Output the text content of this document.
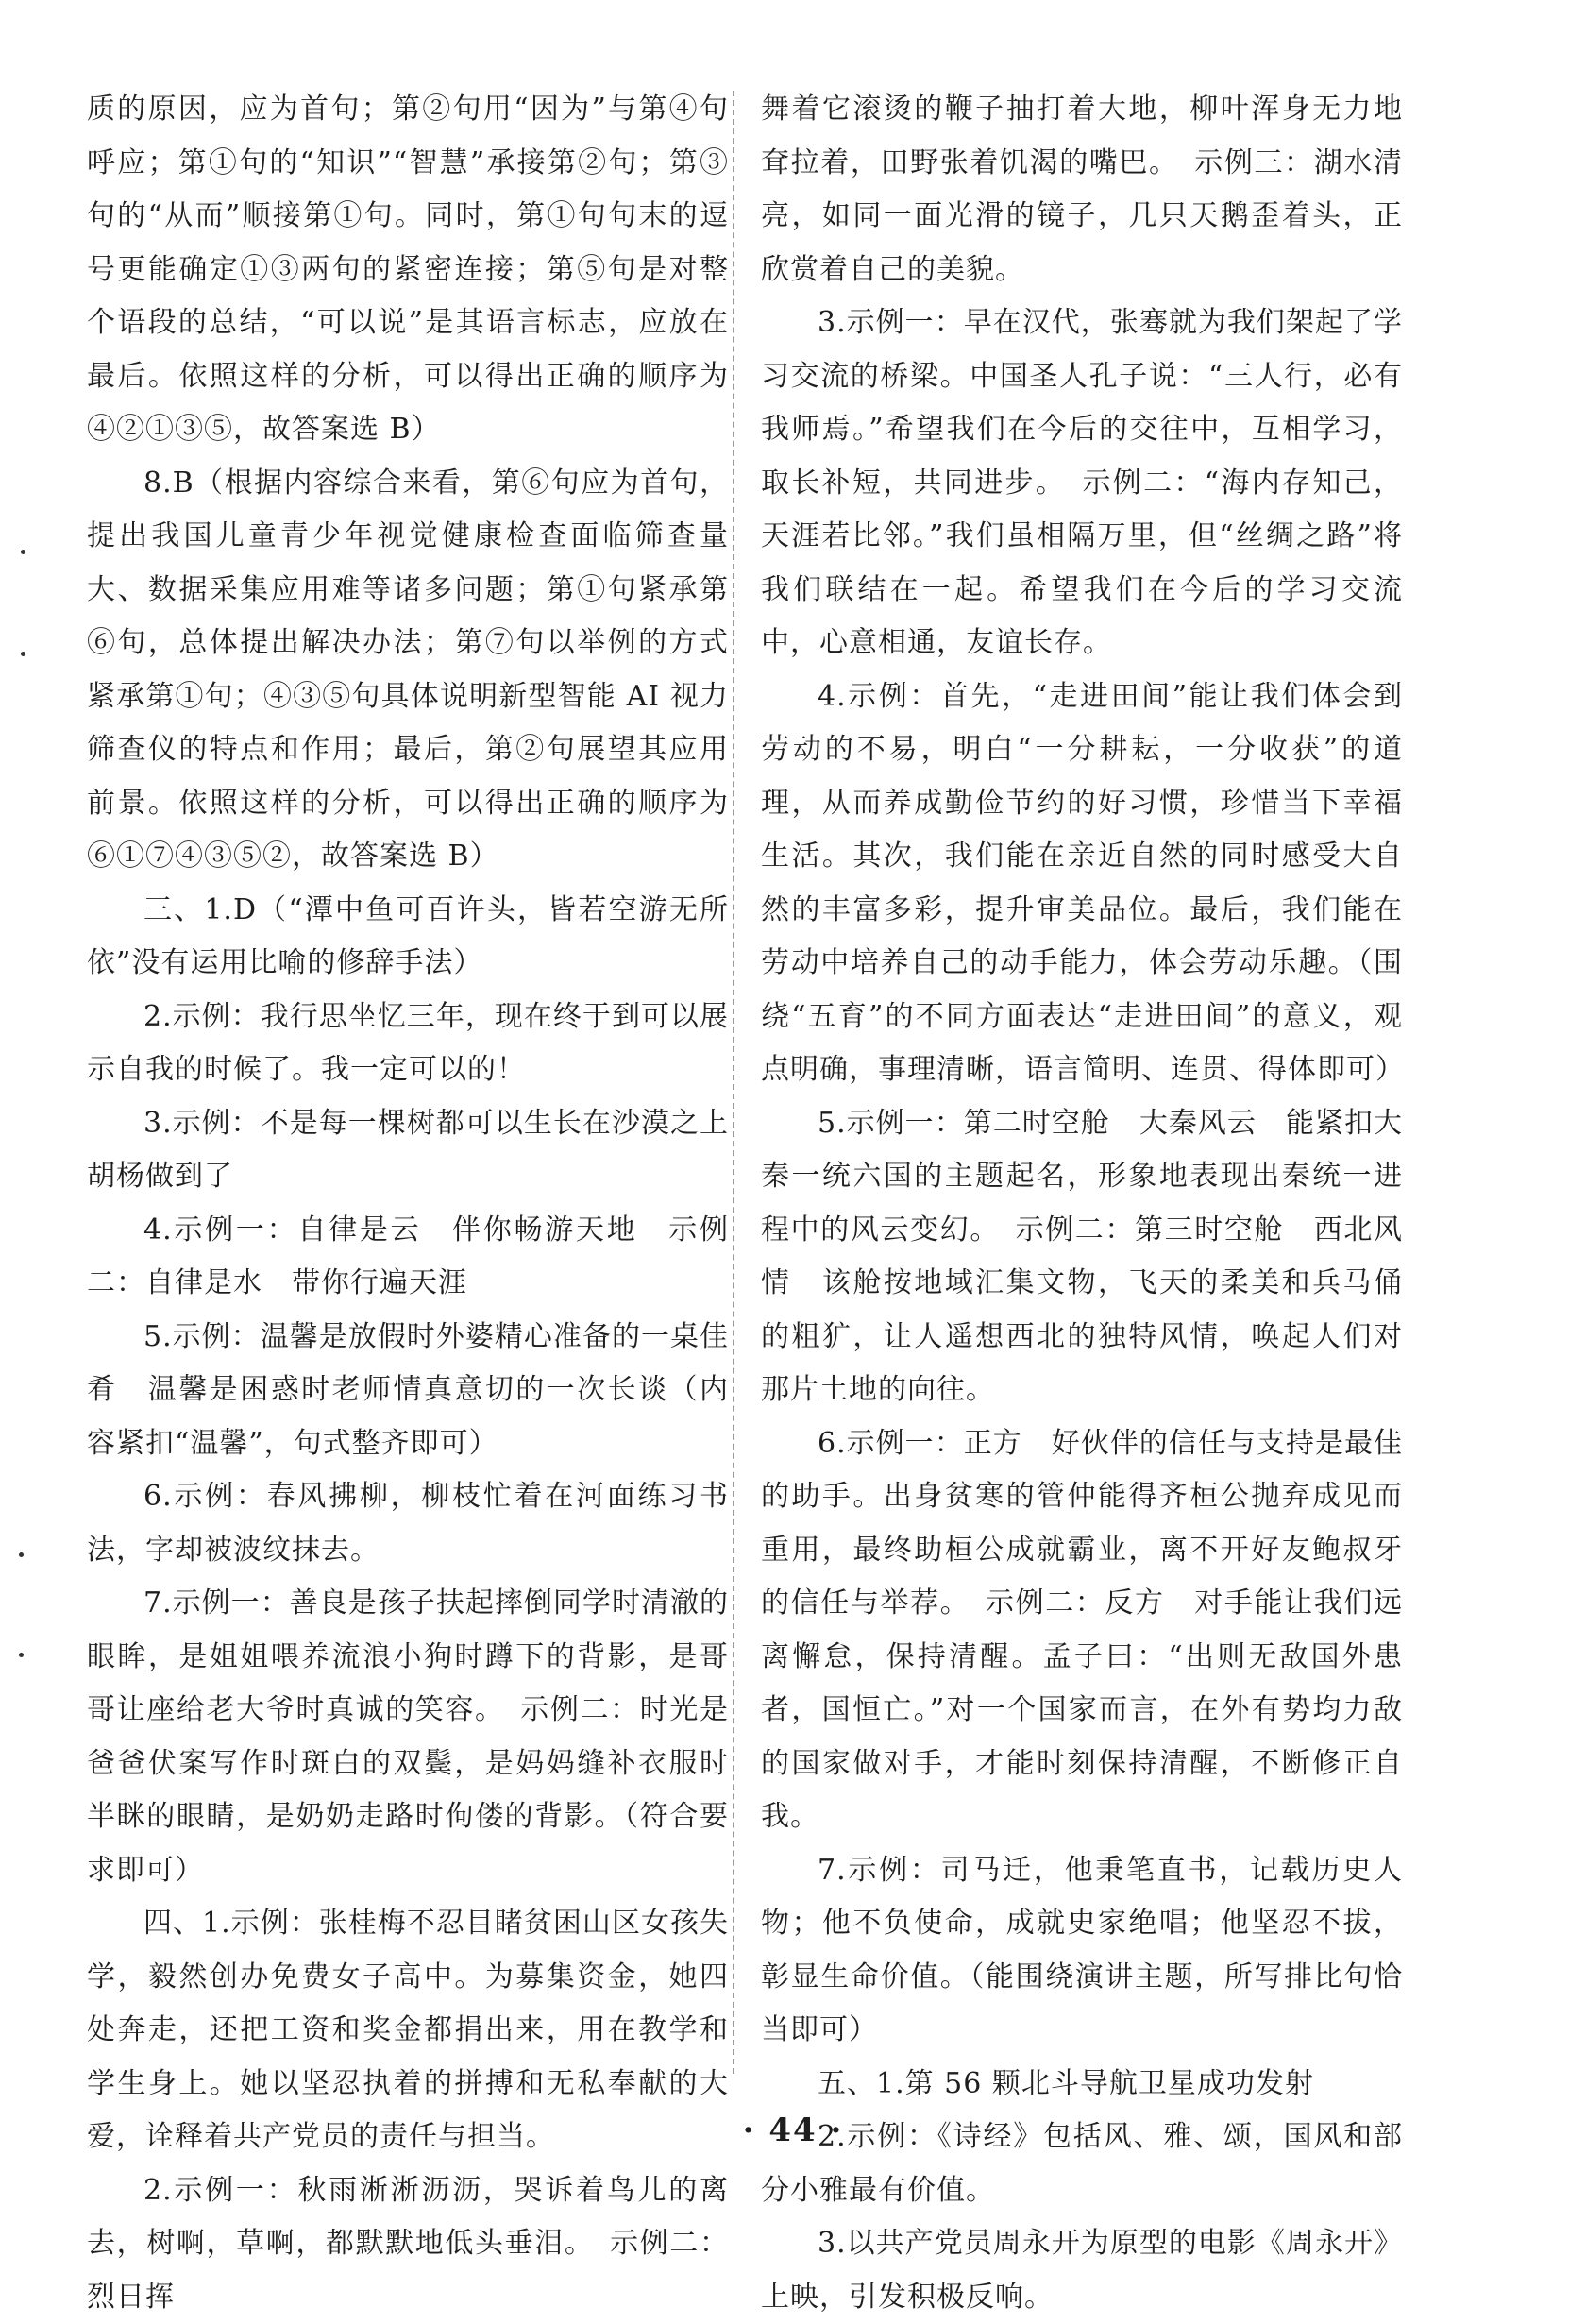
质的原因，应为首句；第②句用“因为”与第④句呼应；第①句的“知识”“智慧”承接第②句；第③句的“从而”顺接第①句。同时，第①句句末的逗号更能确定①③两句的紧密连接；第⑤句是对整个语段的总结，“可以说”是其语言标志，应放在最后。依照这样的分析，可以得出正确的顺序为④②①③⑤，故答案选 B）

8.B（根据内容综合来看，第⑥句应为首句，提出我国儿童青少年视觉健康检查面临筛查量大、数据采集应用难等诸多问题；第①句紧承第⑥句，总体提出解决办法；第⑦句以举例的方式紧承第①句；④③⑤句具体说明新型智能 AI 视力筛查仪的特点和作用；最后，第②句展望其应用前景。依照这样的分析，可以得出正确的顺序为⑥①⑦④③⑤②，故答案选 B）

三、1.D（“潭中鱼可百许头，皆若空游无所依”没有运用比喻的修辞手法）

2.示例：我行思坐忆三年，现在终于到可以展示自我的时候了。我一定可以的！

3.示例：不是每一棵树都可以生长在沙漠之上　胡杨做到了

4.示例一：自律是云　伴你畅游天地　示例二：自律是水　带你行遍天涯

5.示例：温馨是放假时外婆精心准备的一桌佳肴　温馨是困惑时老师情真意切的一次长谈（内容紧扣“温馨”，句式整齐即可）

6.示例：春风拂柳，柳枝忙着在河面练习书法，字却被波纹抹去。

7.示例一：善良是孩子扶起摔倒同学时清澈的眼眸，是姐姐喂养流浪小狗时蹲下的背影，是哥哥让座给老大爷时真诚的笑容。　示例二：时光是爸爸伏案写作时斑白的双鬓，是妈妈缝补衣服时半眯的眼睛，是奶奶走路时佝偻的背影。（符合要求即可）

四、1.示例：张桂梅不忍目睹贫困山区女孩失学，毅然创办免费女子高中。为募集资金，她四处奔走，还把工资和奖金都捐出来，用在教学和学生身上。她以坚忍执着的拼搏和无私奉献的大爱，诠释着共产党员的责任与担当。

2.示例一：秋雨淅淅沥沥，哭诉着鸟儿的离去，树啊，草啊，都默默地低头垂泪。　示例二：烈日挥

舞着它滚烫的鞭子抽打着大地，柳叶浑身无力地耷拉着，田野张着饥渴的嘴巴。　示例三：湖水清亮，如同一面光滑的镜子，几只天鹅歪着头，正欣赏着自己的美貌。

3.示例一：早在汉代，张骞就为我们架起了学习交流的桥梁。中国圣人孔子说：“三人行，必有我师焉。”希望我们在今后的交往中，互相学习，取长补短，共同进步。　示例二：“海内存知己，天涯若比邻。”我们虽相隔万里，但“丝绸之路”将我们联结在一起。希望我们在今后的学习交流中，心意相通，友谊长存。

4.示例：首先，“走进田间”能让我们体会到劳动的不易，明白“一分耕耘，一分收获”的道理，从而养成勤俭节约的好习惯，珍惜当下幸福生活。其次，我们能在亲近自然的同时感受大自然的丰富多彩，提升审美品位。最后，我们能在劳动中培养自己的动手能力，体会劳动乐趣。（围绕“五育”的不同方面表达“走进田间”的意义，观点明确，事理清晰，语言简明、连贯、得体即可）

5.示例一：第二时空舱　大秦风云　能紧扣大秦一统六国的主题起名，形象地表现出秦统一进程中的风云变幻。　示例二：第三时空舱　西北风情　该舱按地域汇集文物，飞天的柔美和兵马俑的粗犷，让人遥想西北的独特风情，唤起人们对那片土地的向往。

6.示例一：正方　好伙伴的信任与支持是最佳的助手。出身贫寒的管仲能得齐桓公抛弃成见而重用，最终助桓公成就霸业，离不开好友鲍叔牙的信任与举荐。　示例二：反方　对手能让我们远离懈怠，保持清醒。孟子曰：“出则无敌国外患者，国恒亡。”对一个国家而言，在外有势均力敌的国家做对手，才能时刻保持清醒，不断修正自我。

7.示例：司马迁，他秉笔直书，记载历史人物；他不负使命，成就史家绝唱；他坚忍不拔，彰显生命价值。（能围绕演讲主题，所写排比句恰当即可）

五、1.第 56 颗北斗导航卫星成功发射

2.示例：《诗经》包括风、雅、颂，国风和部分小雅最有价值。

3.以共产党员周永开为原型的电影《周永开》上映，引发积极反响。

· 44 ·
